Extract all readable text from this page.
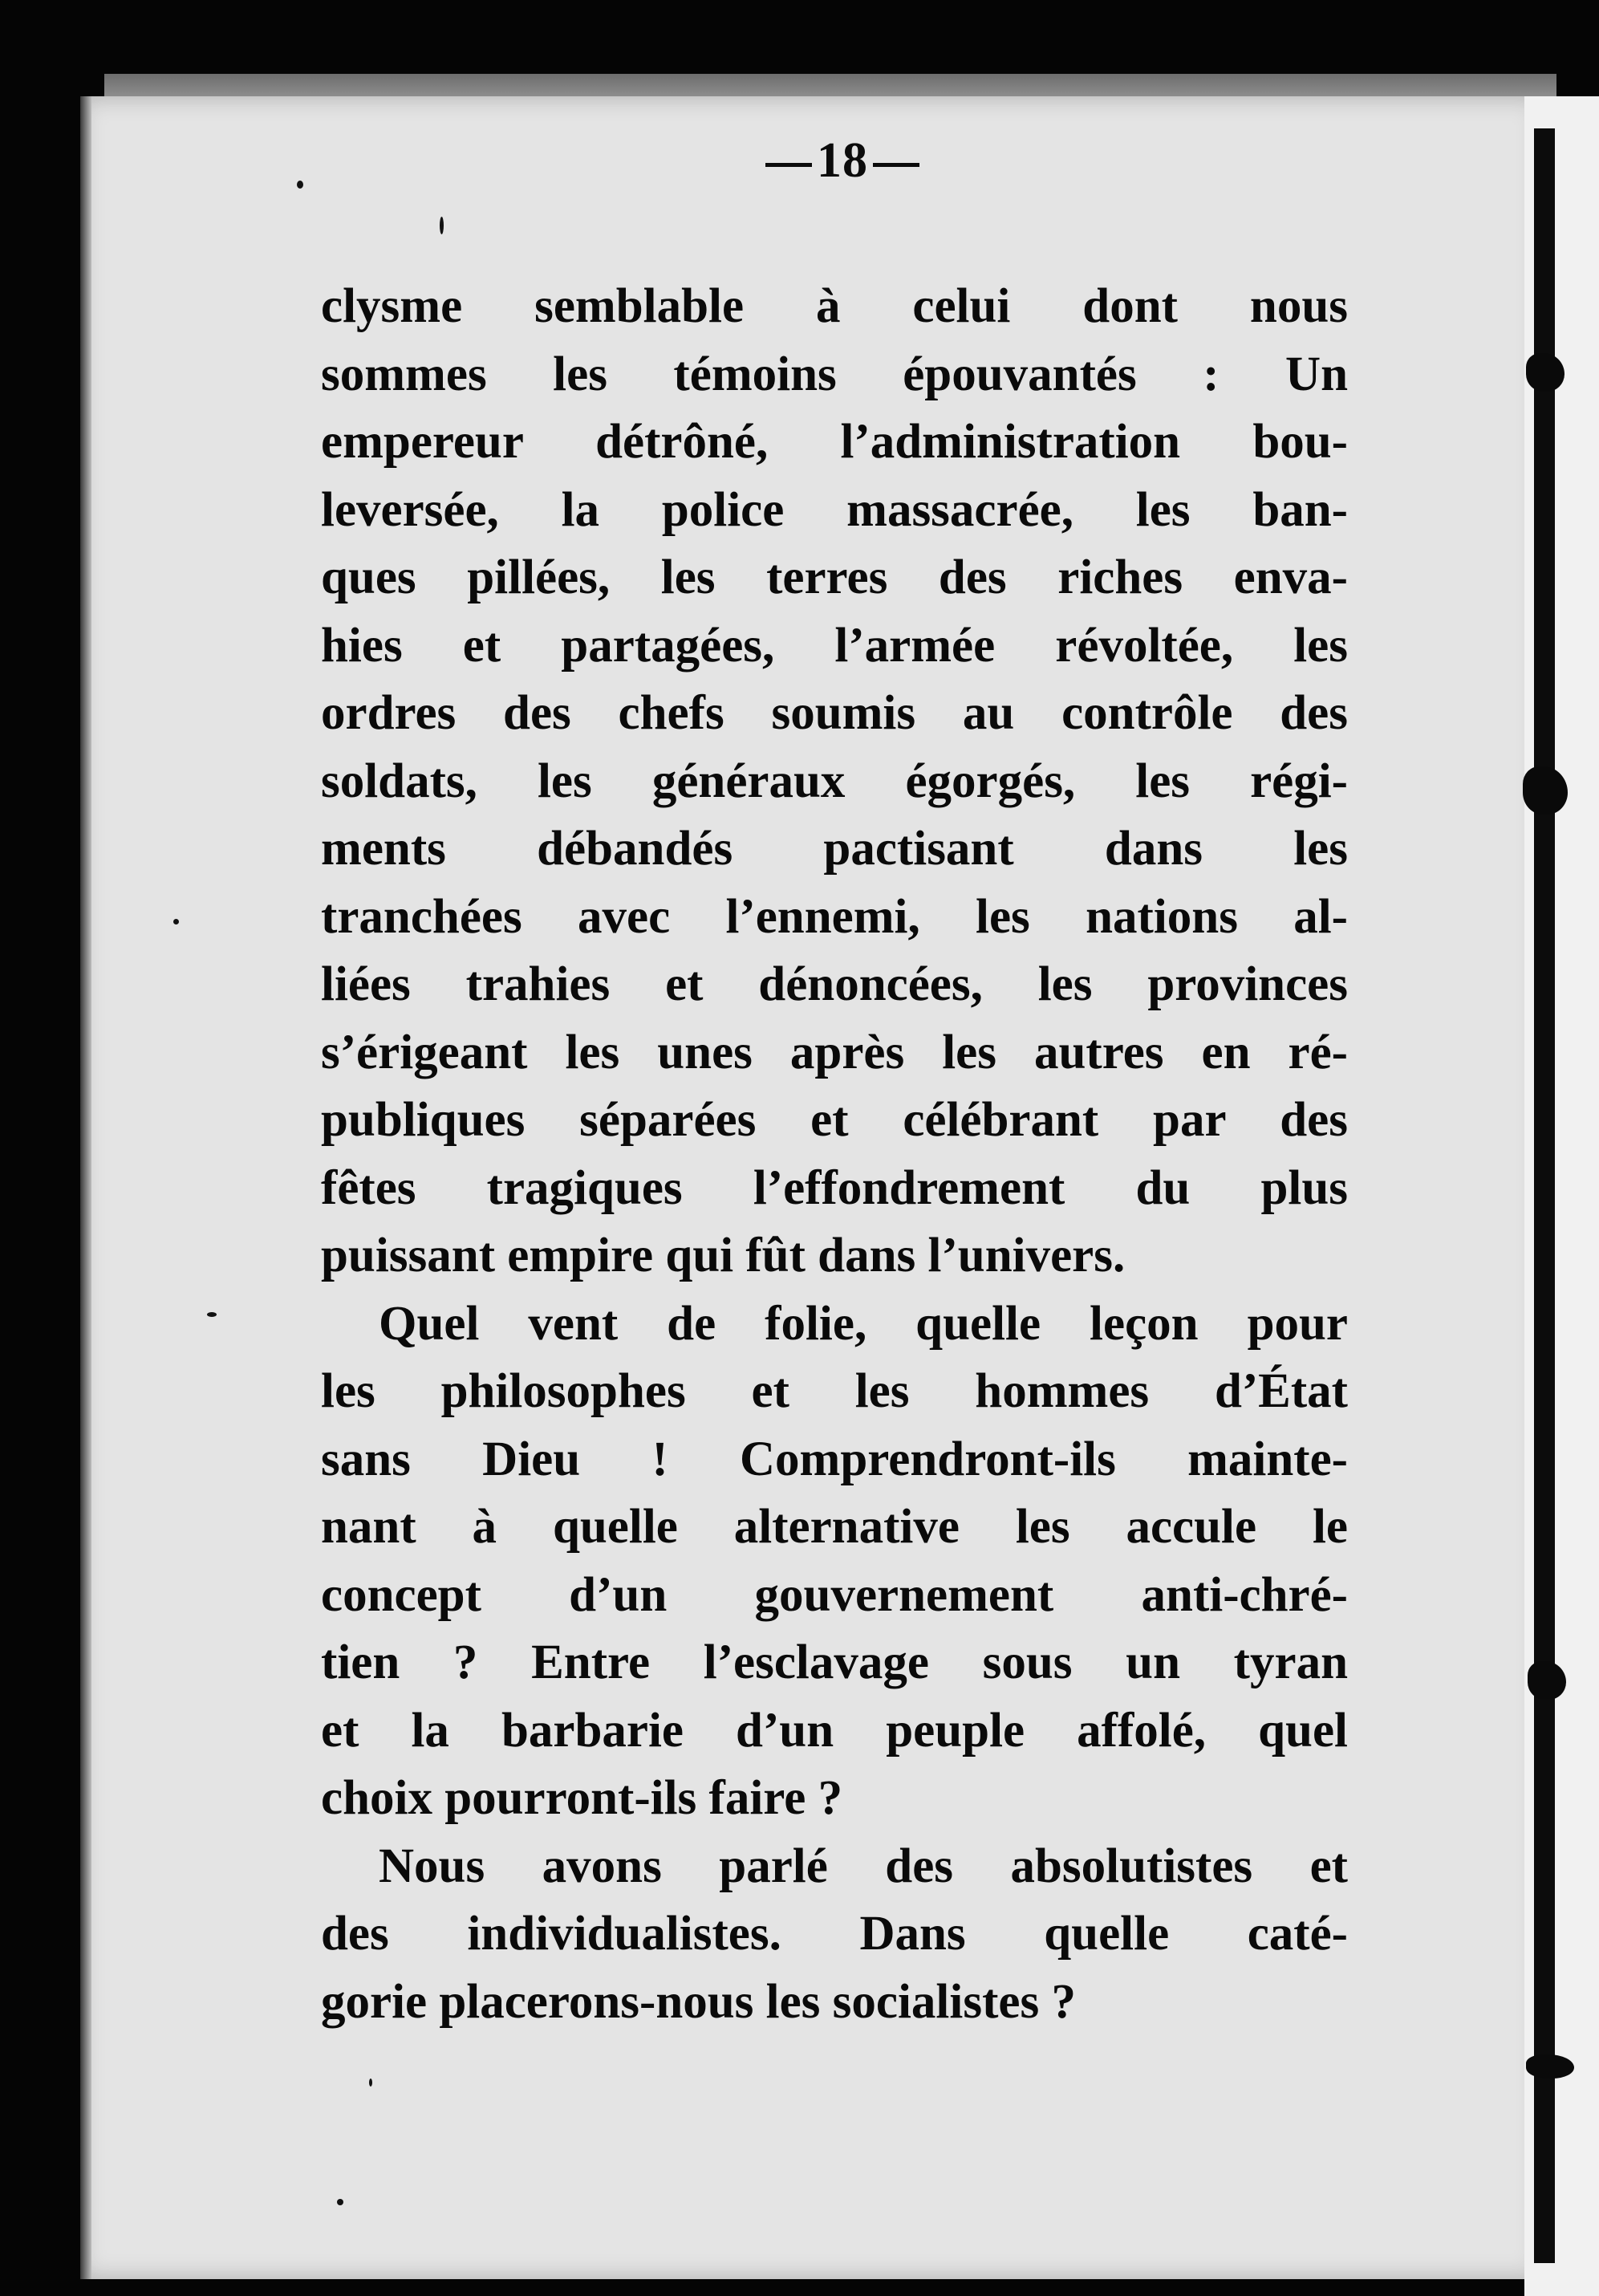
18
clysme semblable à celui dont nous
sommes les témoins épouvantés : Un
empereur détrôné, l’administration bou-
leversée, la police massacrée, les ban-
ques pillées, les terres des riches enva-
hies et partagées, l’armée révoltée, les
ordres des chefs soumis au contrôle des
soldats, les généraux égorgés, les régi-
ments débandés pactisant dans les
tranchées avec l’ennemi, les nations al-
liées trahies et dénoncées, les provinces
s’érigeant les unes après les autres en ré-
publiques séparées et célébrant par des
fêtes tragiques l’effondrement du plus
puissant empire qui fût dans l’univers.
Quel vent de folie, quelle leçon pour
les philosophes et les hommes d’État
sans Dieu ! Comprendront-ils mainte-
nant à quelle alternative les accule le
concept d’un gouvernement anti-chré-
tien ? Entre l’esclavage sous un tyran
et la barbarie d’un peuple affolé, quel
choix pourront-ils faire ?
Nous avons parlé des absolutistes et
des individualistes. Dans quelle caté-
gorie placerons-nous les socialistes ?
